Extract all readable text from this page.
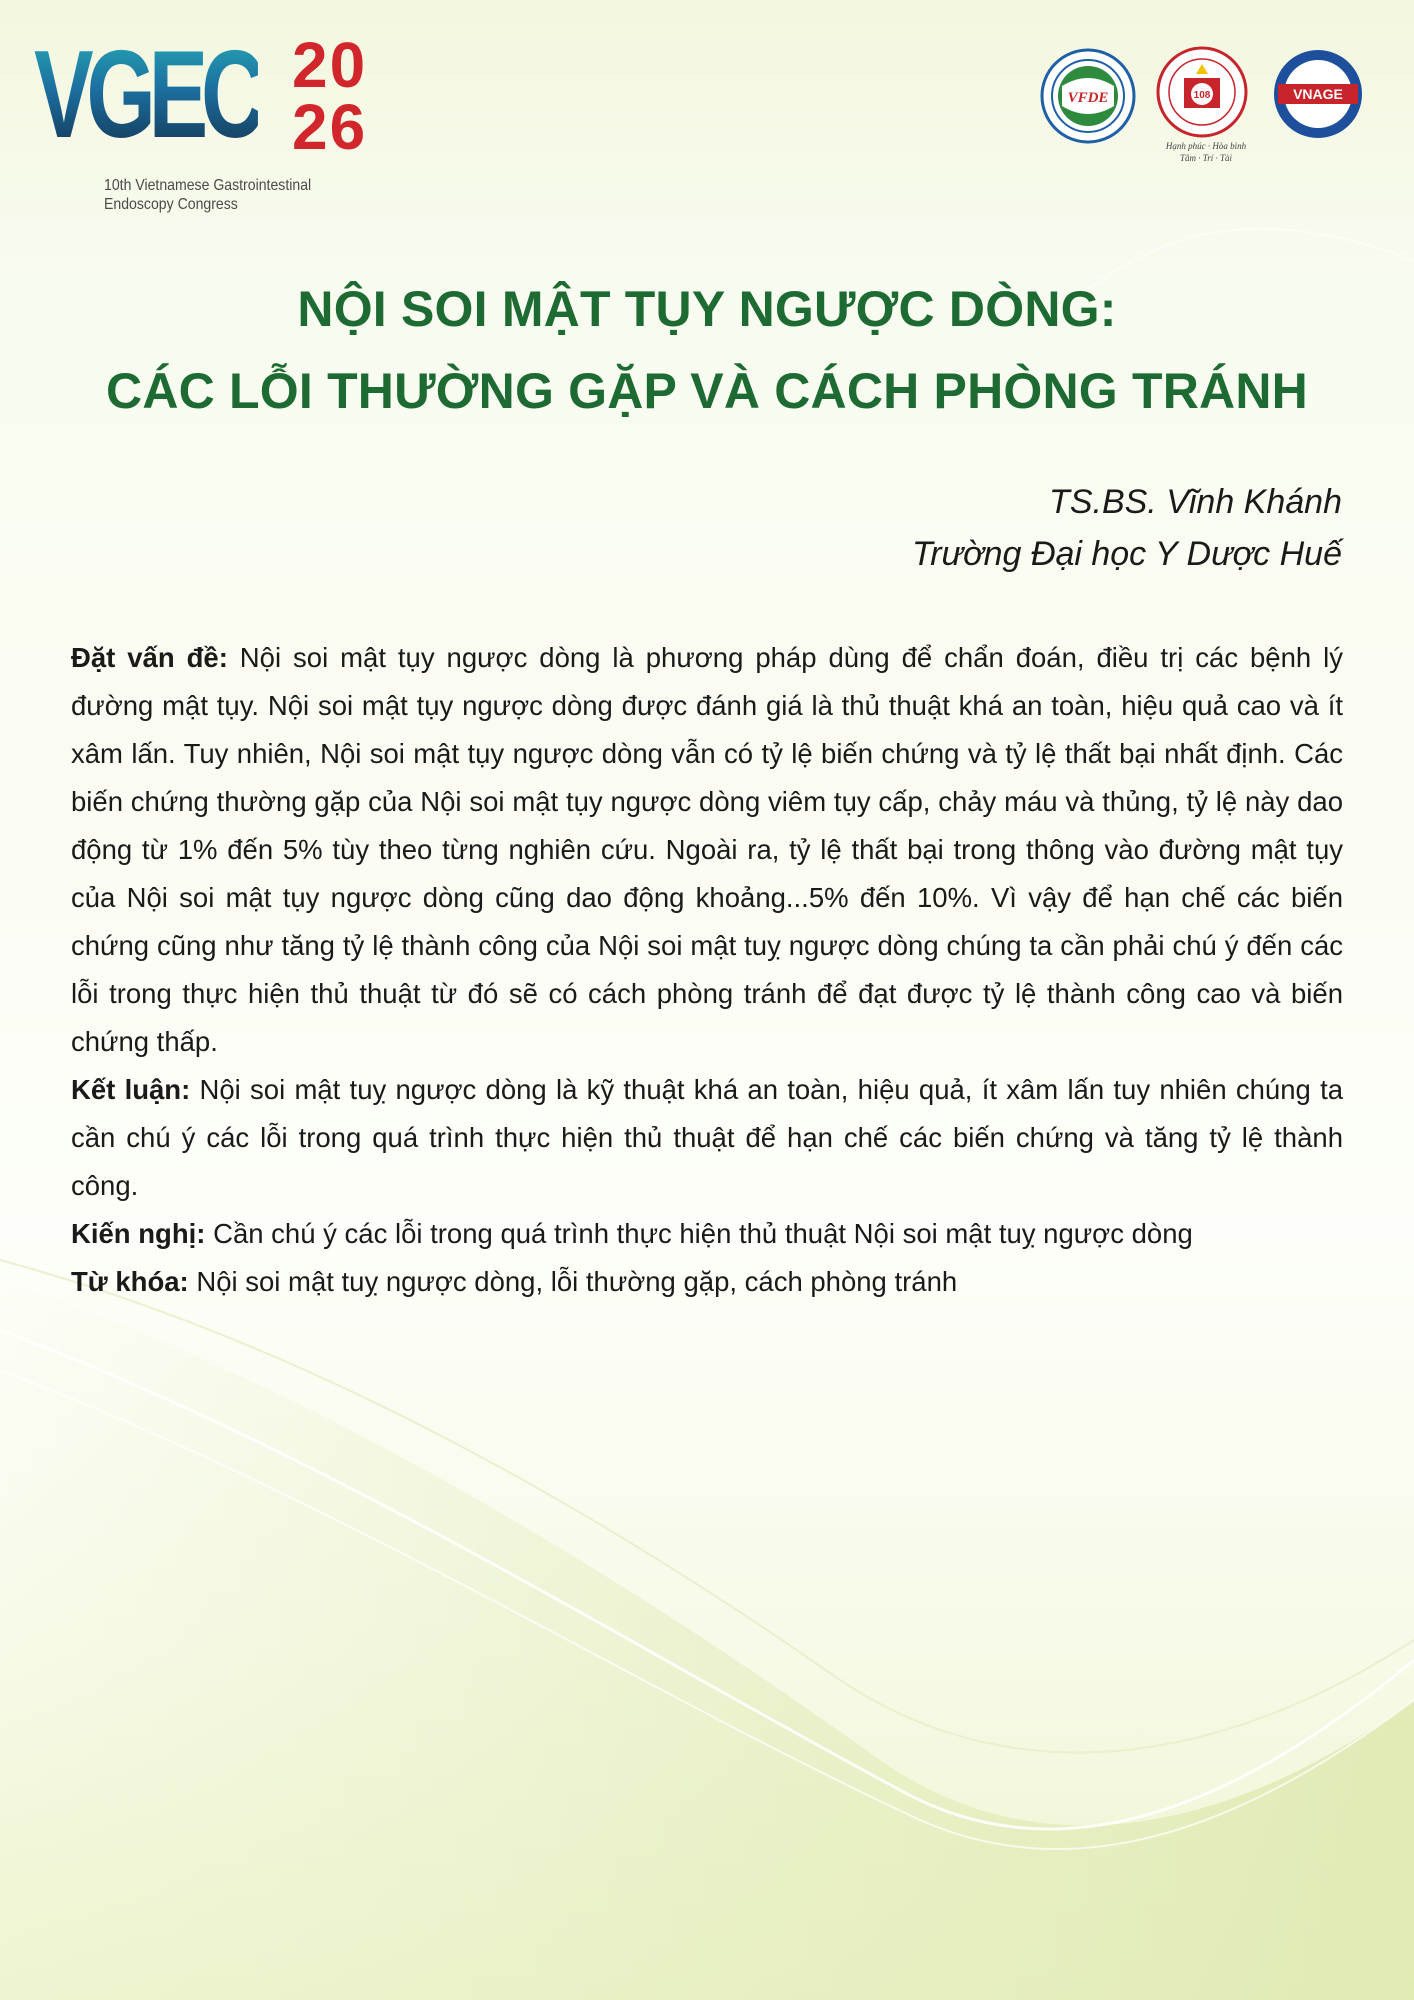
VGEC 20
26
10th Vietnamese Gastrointestinal
Endoscopy Congress
VFDE	108
Hạnh phúc · Hòa bình
Tâm · Trí · Tài
VNAGE
NỘI SOI MẬT TỤY NGƯỢC DÒNG:
CÁC LỖI THƯỜNG GẶP VÀ CÁCH PHÒNG TRÁNH
TS.BS. Vĩnh Khánh
Trường Đại học Y Dược Huế

Đặt vấn đề: Nội soi mật tụy ngược dòng là phương pháp dùng để chẩn đoán, điều trị các bệnh lý đường mật tụy. Nội soi mật tụy ngược dòng được đánh giá là thủ thuật khá an toàn, hiệu quả cao và ít xâm lấn. Tuy nhiên, Nội soi mật tụy ngược dòng vẫn có tỷ lệ biến chứng và tỷ lệ thất bại nhất định. Các biến chứng thường gặp của Nội soi mật tụy ngược dòng viêm tụy cấp, chảy máu và thủng, tỷ lệ này dao động từ 1% đến 5% tùy theo từng nghiên cứu. Ngoài ra, tỷ lệ thất bại trong thông vào đường mật tụy của Nội soi mật tụy ngược dòng cũng dao động khoảng...5% đến 10%. Vì vậy để hạn chế các biến chứng cũng như tăng tỷ lệ thành công của Nội soi mật tuỵ ngược dòng chúng ta cần phải chú ý đến các lỗi trong thực hiện thủ thuật từ đó sẽ có cách phòng tránh để đạt được tỷ lệ thành công cao và biến chứng thấp.

Kết luận: Nội soi mật tuỵ ngược dòng là kỹ thuật khá an toàn, hiệu quả, ít xâm lấn tuy nhiên chúng ta cần chú ý các lỗi trong quá trình thực hiện thủ thuật để hạn chế các biến chứng và tăng tỷ lệ thành công.

Kiến nghị: Cần chú ý các lỗi trong quá trình thực hiện thủ thuật Nội soi mật tuỵ ngược dòng

Từ khóa: Nội soi mật tuỵ ngược dòng, lỗi thường gặp, cách phòng tránh
